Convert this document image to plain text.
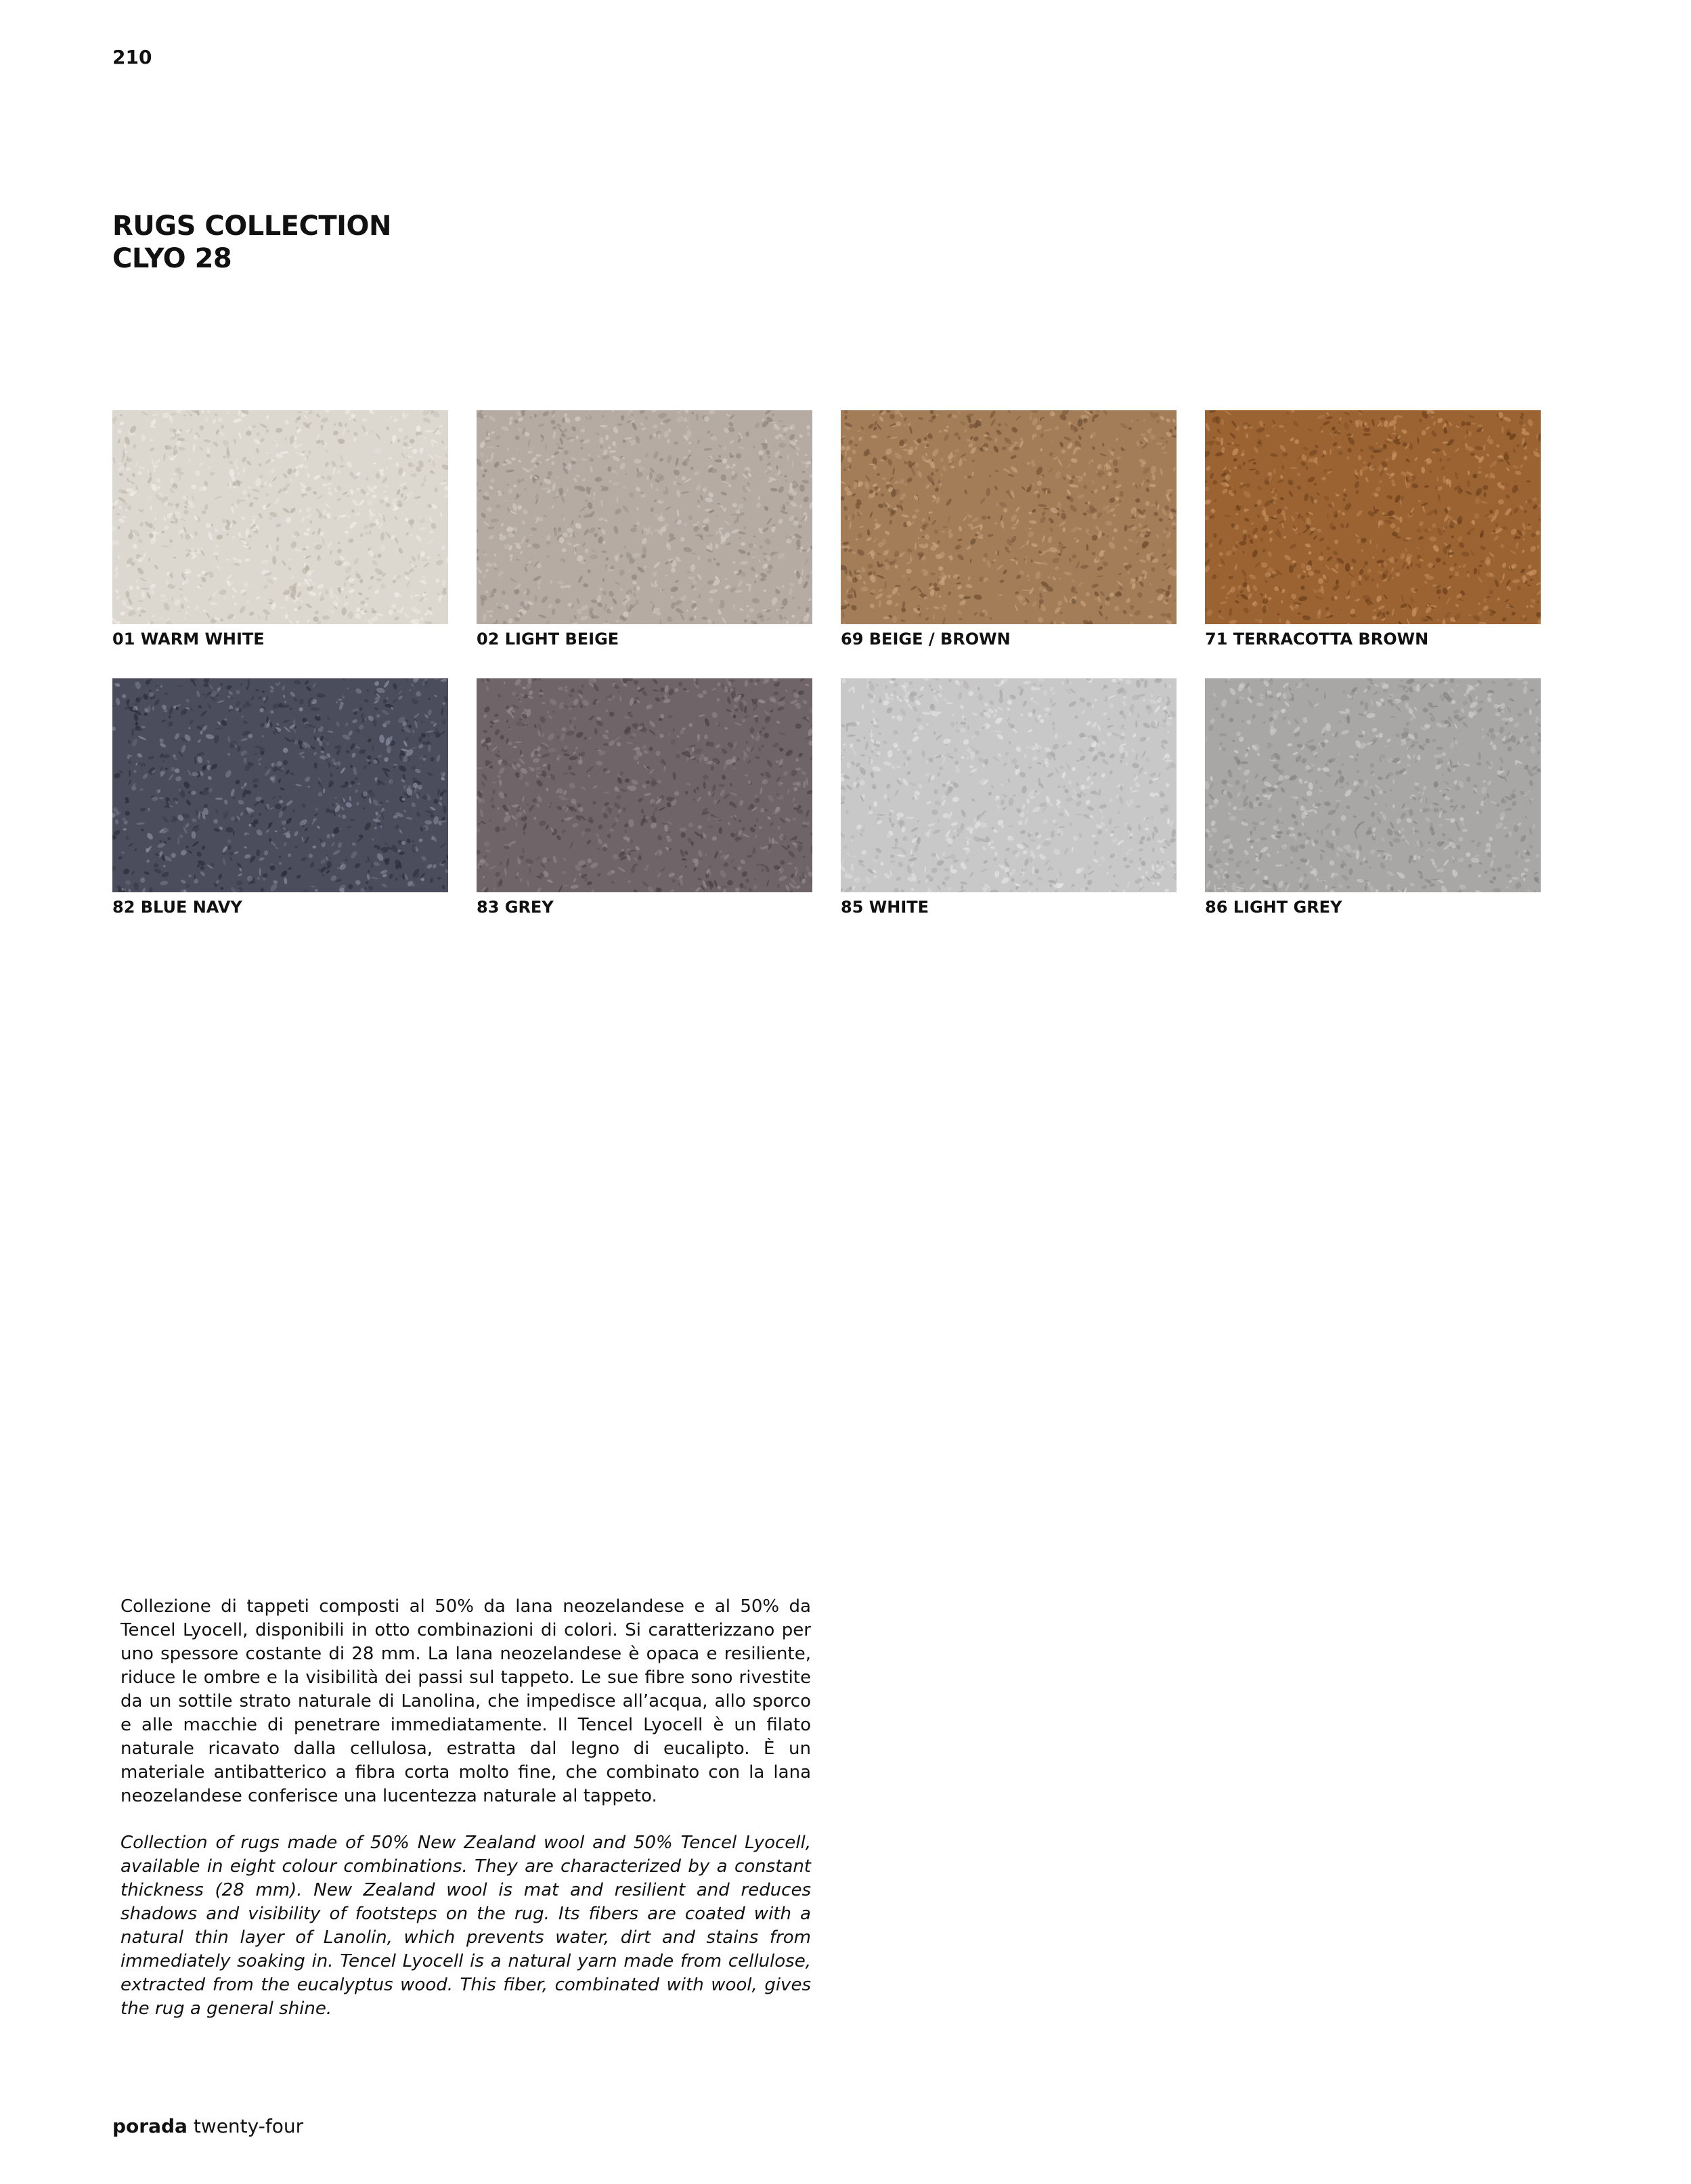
210
RUGS COLLECTION
CLYO 28
01 WARM WHITE	02 LIGHT BEIGE	69 BEIGE / BROWN	71 TERRACOTTA BROWN
82 BLUE NAVY	83 GREY	85 WHITE	86 LIGHT GREY

Collezione di tappeti composti al 50% da lana neozelandese e al 50% da Tencel Lyocell, disponibili in otto combinazioni di colori. Si caratterizzano per uno spessore costante di 28 mm. La lana neozelandese è opaca e resiliente, riduce le ombre e la visibilità dei passi sul tappeto. Le sue fibre sono rivestite da un sottile strato naturale di Lanolina, che impedisce all’acqua, allo sporco e alle macchie di penetrare immediatamente. Il Tencel Lyocell è un filato naturale ricavato dalla cellulosa, estratta dal legno di eucalipto. È un materiale antibatterico a fibra corta molto fine, che combinato con la lana neozelandese conferisce una lucentezza naturale al tappeto.

Collection of rugs made of 50% New Zealand wool and 50% Tencel Lyocell, available in eight colour combinations. They are characterized by a constant thickness (28 mm). New Zealand wool is mat and resilient and reduces shadows and visibility of footsteps on the rug. Its fibers are coated with a natural thin layer of Lanolin, which prevents water, dirt and stains from immediately soaking in. Tencel Lyocell is a natural yarn made from cellulose, extracted from the eucalyptus wood. This fiber, combinated with wool, gives the rug a general shine.

porada twenty-four
